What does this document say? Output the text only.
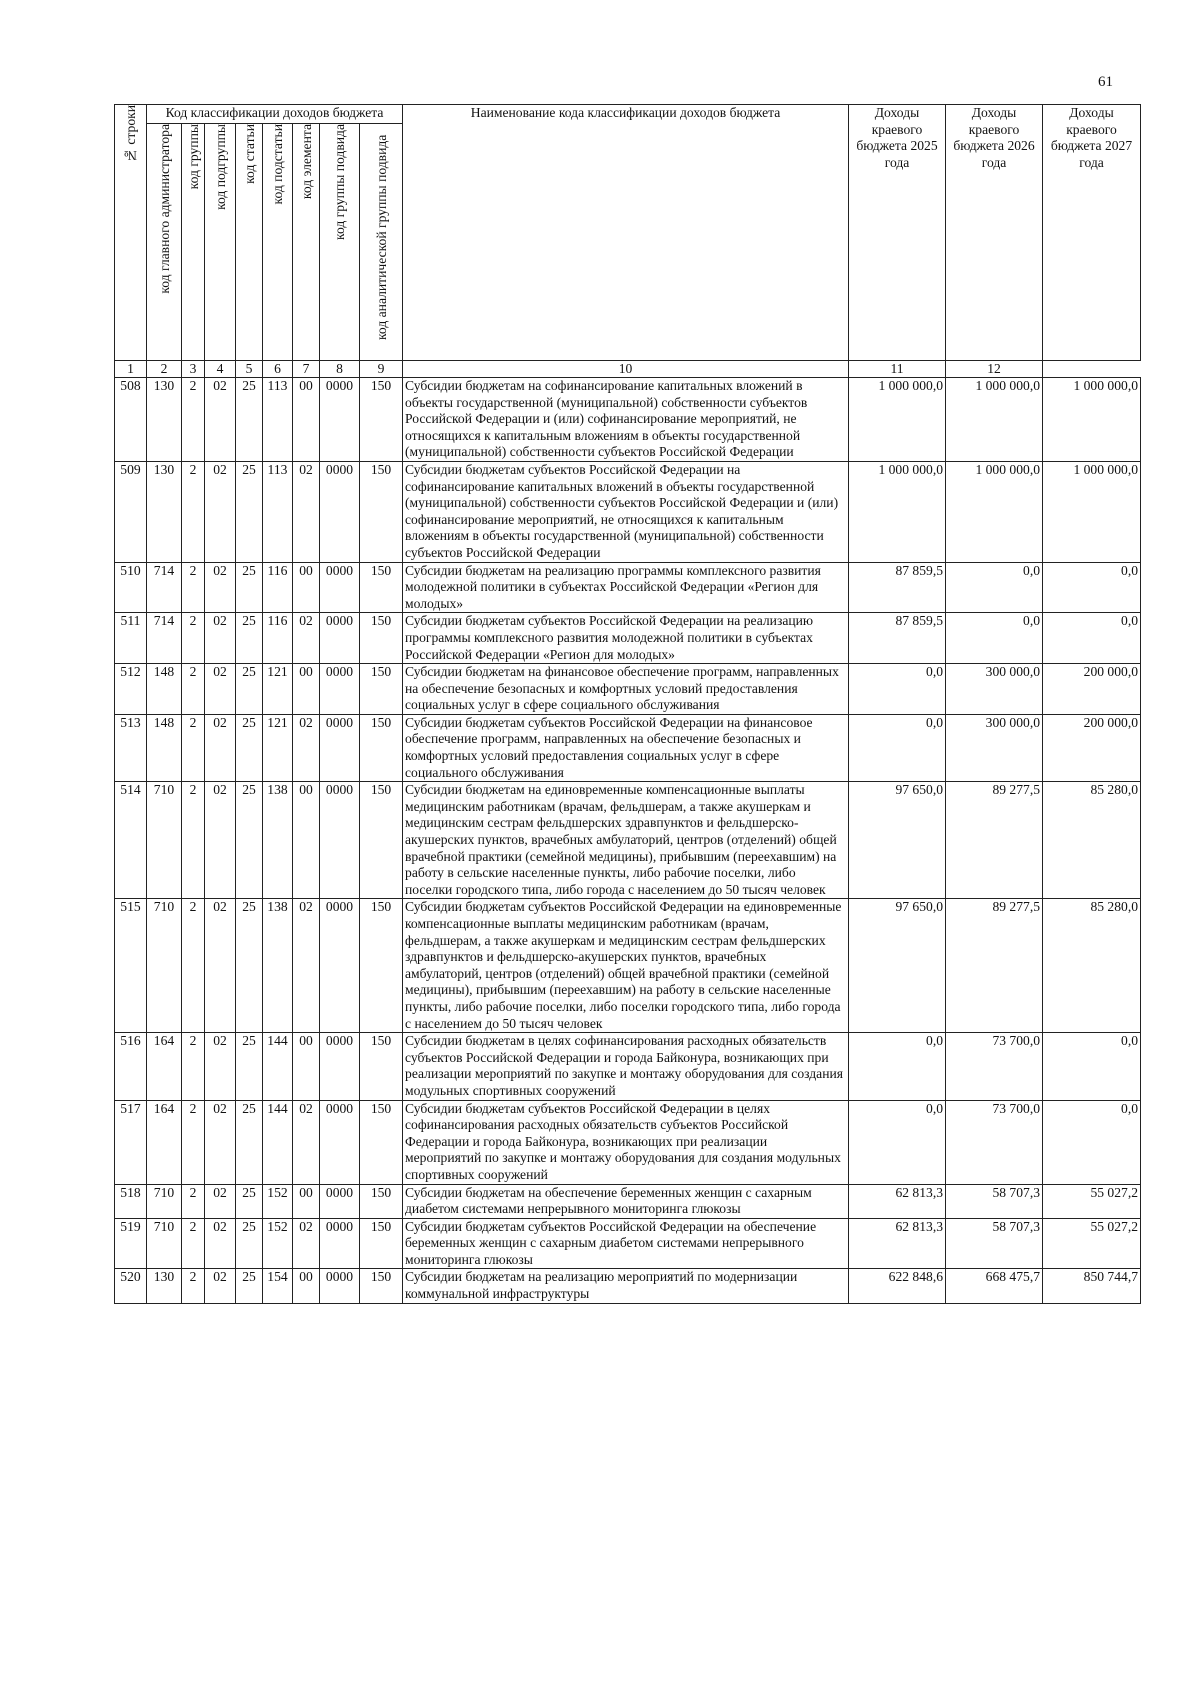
61
№ строки	Код классификации доходов бюджета								Наименование кода классификации доходов бюджета	Доходы краевого бюджета 2025 года	Доходы краевого бюджета 2026 года	Доходы краевого бюджета 2027 года

	код главного администратора	код группы	код подгруппы	код статьи	код подстатьи	код элемента	код группы подвида	код аналитической группы подвида				

1	2	3	4	5	6	7	8	9	10	11	12	
508	130	2	02	25	113	00	0000	150	Субсидии бюджетам на софинансирование капитальных вложений в объекты государственной (муниципальной) собственности субъектов Российской Федерации и (или) софинансирование мероприятий, не относящихся к капитальным вложениям в объекты государственной (муниципальной) собственности субъектов Российской Федерации	1 000 000,0	1 000 000,0	1 000 000,0
509	130	2	02	25	113	02	0000	150	Субсидии бюджетам субъектов Российской Федерации на софинансирование капитальных вложений в объекты государственной (муниципальной) собственности субъектов Российской Федерации и (или) софинансирование мероприятий, не относящихся к капитальным вложениям в объекты государственной (муниципальной) собственности субъектов Российской Федерации	1 000 000,0	1 000 000,0	1 000 000,0
510	714	2	02	25	116	00	0000	150	Субсидии бюджетам на реализацию программы комплексного развития молодежной политики в субъектах Российской Федерации «Регион для молодых»	87 859,5	0,0	0,0
511	714	2	02	25	116	02	0000	150	Субсидии бюджетам субъектов Российской Федерации на реализацию программы комплексного развития молодежной политики в субъектах Российской Федерации «Регион для молодых»	87 859,5	0,0	0,0
512	148	2	02	25	121	00	0000	150	Субсидии бюджетам на финансовое обеспечение программ, направленных на обеспечение безопасных и комфортных условий предоставления социальных услуг в сфере социального обслуживания	0,0	300 000,0	200 000,0
513	148	2	02	25	121	02	0000	150	Субсидии бюджетам субъектов Российской Федерации на финансовое обеспечение программ, направленных на обеспечение безопасных и комфортных условий предоставления социальных услуг в сфере социального обслуживания	0,0	300 000,0	200 000,0
514	710	2	02	25	138	00	0000	150	Субсидии бюджетам на единовременные компенсационные выплаты медицинским работникам (врачам, фельдшерам, а также акушеркам и медицинским сестрам фельдшерских здравпунктов и фельдшерско-акушерских пунктов, врачебных амбулаторий, центров (отделений) общей врачебной практики (семейной медицины), прибывшим (переехавшим) на работу в сельские населенные пункты, либо рабочие поселки, либо поселки городского типа, либо города с населением до 50 тысяч человек	97 650,0	89 277,5	85 280,0
515	710	2	02	25	138	02	0000	150	Субсидии бюджетам субъектов Российской Федерации на единовременные компенсационные выплаты медицинским работникам (врачам, фельдшерам, а также акушеркам и медицинским сестрам фельдшерских здравпунктов и фельдшерско-акушерских пунктов, врачебных амбулаторий, центров (отделений) общей врачебной практики (семейной медицины), прибывшим (переехавшим) на работу в сельские населенные пункты, либо рабочие поселки, либо поселки городского типа, либо города с населением до 50 тысяч человек	97 650,0	89 277,5	85 280,0
516	164	2	02	25	144	00	0000	150	Субсидии бюджетам в целях софинансирования расходных обязательств субъектов Российской Федерации и города Байконура, возникающих при реализации мероприятий по закупке и монтажу оборудования для создания модульных спортивных сооружений	0,0	73 700,0	0,0
517	164	2	02	25	144	02	0000	150	Субсидии бюджетам субъектов Российской Федерации в целях софинансирования расходных обязательств субъектов Российской Федерации и города Байконура, возникающих при реализации мероприятий по закупке и монтажу оборудования для создания модульных спортивных сооружений	0,0	73 700,0	0,0
518	710	2	02	25	152	00	0000	150	Субсидии бюджетам на обеспечение беременных женщин с сахарным диабетом системами непрерывного мониторинга глюкозы	62 813,3	58 707,3	55 027,2
519	710	2	02	25	152	02	0000	150	Субсидии бюджетам субъектов Российской Федерации на обеспечение беременных женщин с сахарным диабетом системами непрерывного мониторинга глюкозы	62 813,3	58 707,3	55 027,2
520	130	2	02	25	154	00	0000	150	Субсидии бюджетам на реализацию мероприятий по модернизации коммунальной инфраструктуры	622 848,6	668 475,7	850 744,7
